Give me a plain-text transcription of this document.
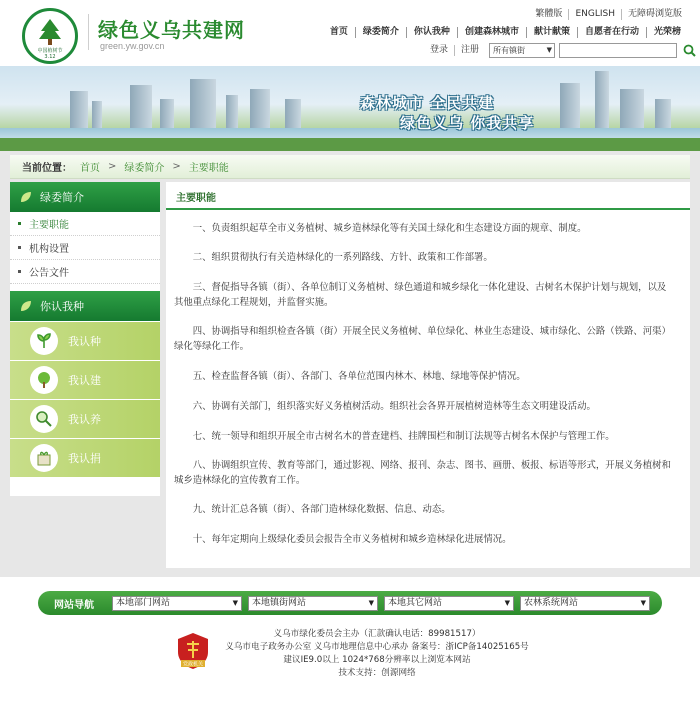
中国植树节
3.12
绿色义乌共建网
green.yw.gov.cn
繁體版	ENGLISH	无障碍浏览版
首页	绿委简介	你认我种	创建森林城市	献计献策	自愿者在行动	光荣榜
登录	注册	所有镇街	▼
森林城市 全民共建
绿色义乌 你我共享
当前位置： 首页 > 绿委简介 > 主要职能
绿委简介
主要职能
机构设置
公告文件
你认我种
我认种
我认建
我认养
我认捐
主要职能

一、负责组织起草全市义务植树、城乡造林绿化等有关国土绿化和生态建设方面的规章、制度。

二、组织贯彻执行有关造林绿化的一系列路线、方针、政策和工作部署。

三、督促指导各镇（街）、各单位制订义务植树、绿色通道和城乡绿化一体化建设、古树名木保护计划与规划，以及其他重点绿化工程规划，并监督实施。

四、协调指导和组织检查各镇（街）开展全民义务植树、单位绿化、林业生态建设、城市绿化、公路（铁路、河渠）绿化等绿化工作。

五、检查监督各镇（街）、各部门、各单位范围内林木、林地、绿地等保护情况。

六、协调有关部门，组织落实好义务植树活动。组织社会各界开展植树造林等生态文明建设活动。

七、统一领导和组织开展全市古树名木的普查建档、挂牌围栏和制订法规等古树名木保护与管理工作。

八、协调组织宣传、教育等部门，通过影视、网络、报刊、杂志、图书、画册、板报、标语等形式，开展义务植树和城乡造林绿化的宣传教育工作。

九、统计汇总各镇（街）、各部门造林绿化数据、信息、动态。

十、每年定期向上级绿化委员会报告全市义务植树和城乡造林绿化进展情况。

网站导航	本地部门网站	▼	本地镇街网站	▼	本地其它网站	▼	农林系统网站	▼
党政机关
义乌市绿化委员会主办（汇款确认电话：89981517）
义乌市电子政务办公室 义乌市地理信息中心承办 备案号：浙ICP备14025165号
建议IE9.0以上 1024*768分辨率以上浏览本网站
技术支持：创源网络
